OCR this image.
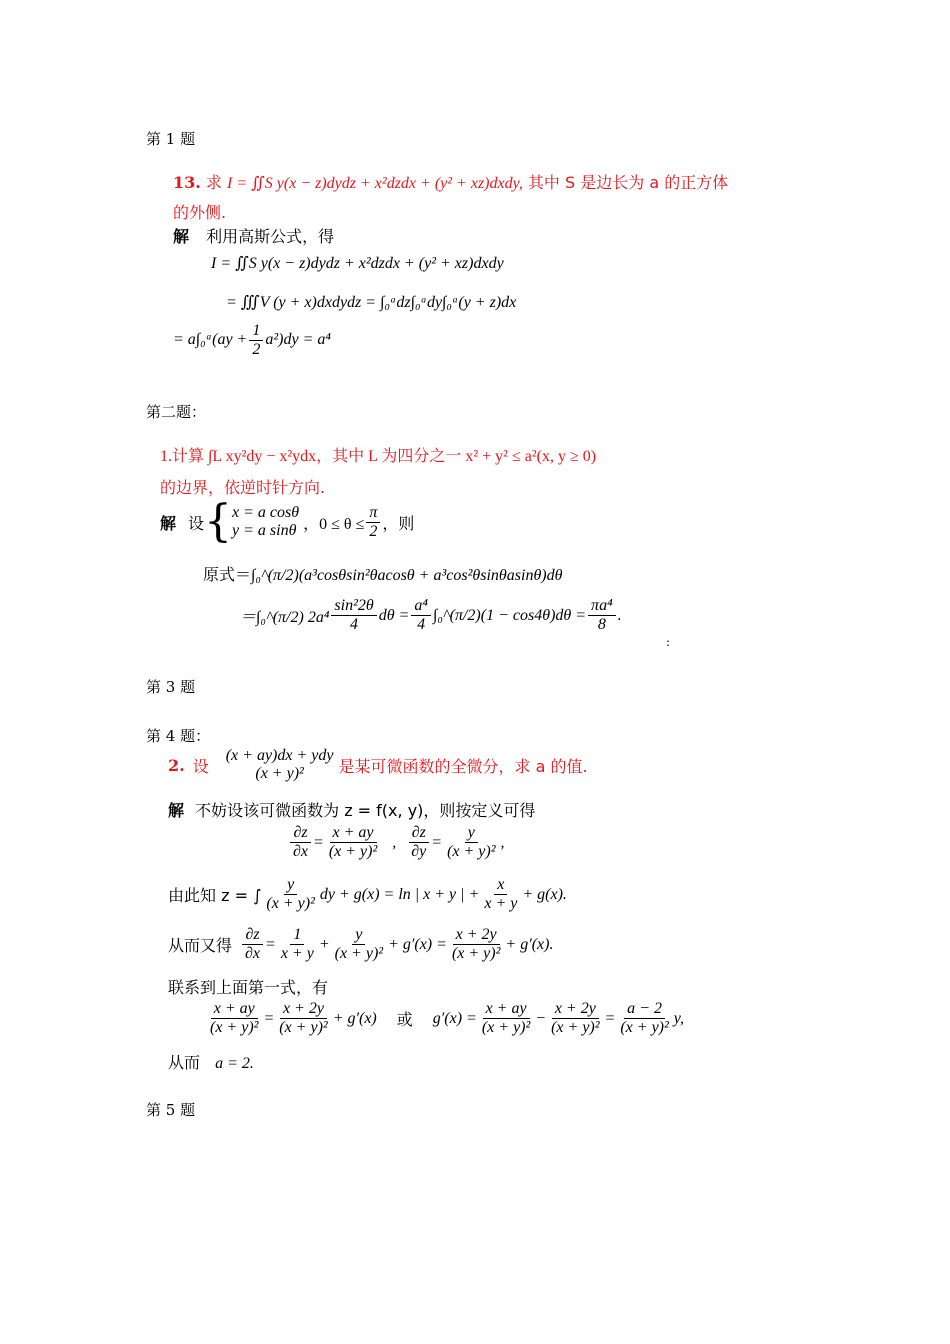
第 1 题
第二题：
第 3 题
第 4 题：
第 5 题
13. 求 I = ∬S y(x − z)dydz + x²dzdx + (y² + xz)dxdy, 其中 S 是边长为 a 的正方体
的外侧.
解 利用高斯公式，得
I = ∬S y(x − z)dydz + x²dzdx + (y² + xz)dxdy
= ∭V (y + x)dxdydz = ∫₀ᵃdz∫₀ᵃdy∫₀ᵃ(y + z)dx
= a∫₀ᵃ(ay + $\frac{1}{2} a^2)dy = a^4$
1.计算 ∫L xy²dy − x²ydx，其中 L 为四分之一 x² + y² ≤ a²(x, y ≥ 0)
的边界，依逆时针方向.
解 设 { x = a cosθ
y = a sinθ ，$0 \le \theta \le \frac{\pi}{2}$ ，则
原式＝∫₀^(π/2)(a³cosθsin²θacosθ + a³cos²θsinθasinθ)dθ
＝∫₀^(π/2) $2a^4 \frac{\text{sin²2θ}}{4}$ $d\theta = \frac{\text{a⁴}}{4}$ ∫₀^(π/2)(1 − $\cos 4\theta)d\theta = \frac{\text{πa⁴}}{8}$ .
:
2. 设
(x + ay)dx + ydy
(x + y)² 是某可微函数的全微分，求 a 的值.
解 不妨设该可微函数为 z = f(x, y)，则按定义可得
$\frac{\partial z}{\partial x} = \frac{x + ay}{\text{(x + y)²}}$ , $\frac{\partial z}{\partial y} = \frac{y}{\text{(x + y)²}}$ ,
由此知 z = ∫ $\frac{y}{\text{(x + y)²}}$ dy + g(x) = ln | x + y | + $\frac{x}{x + y} + g(x)$.
从而又得 $\frac{\partial z}{\partial x} = \frac{1}{x + y} + \frac{y}{\text{(x + y)²}} + g'(x) = \frac{x + 2y}{\text{(x + y)²}} + g'(x)$.
联系到上面第一式，有
$\frac{x + ay}{\text{(x + y)²}} = \frac{x + 2y}{\text{(x + y)²}} + g'(x)$ 或 $g'(x) = \frac{x + ay}{\text{(x + y)²}} - \frac{x + 2y}{\text{(x + y)²}} = \frac{a - 2}{\text{(x + y)²}} y$,
从而 a = 2.
